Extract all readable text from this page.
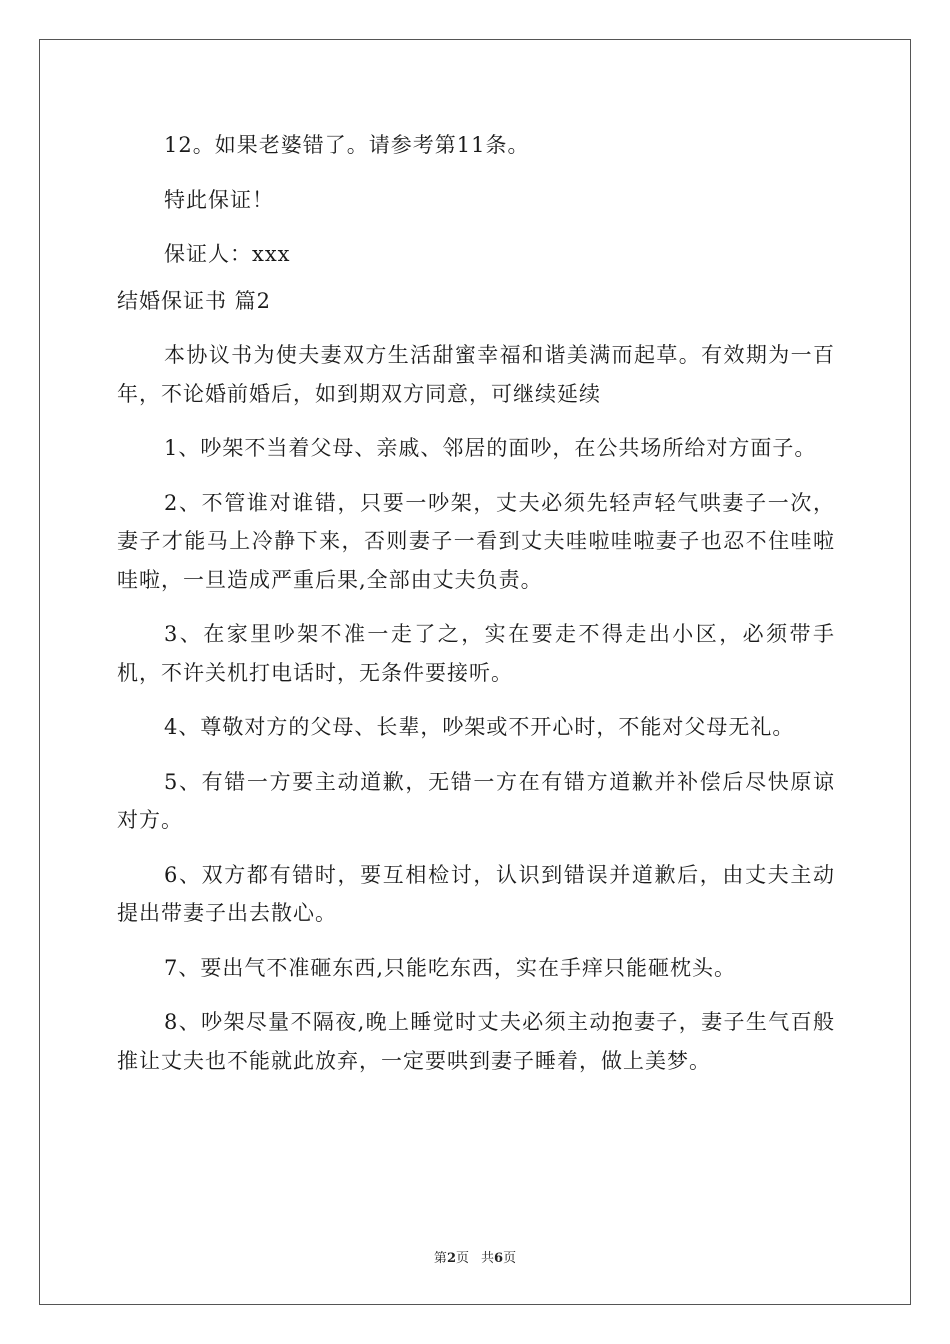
12。如果老婆错了。请参考第11条。

特此保证！

保证人：xxx

结婚保证书 篇2

本协议书为使夫妻双方生活甜蜜幸福和谐美满而起草。有效期为一百年，不论婚前婚后，如到期双方同意，可继续延续

1、吵架不当着父母、亲戚、邻居的面吵，在公共场所给对方面子。

2、不管谁对谁错，只要一吵架，丈夫必须先轻声轻气哄妻子一次，妻子才能马上冷静下来，否则妻子一看到丈夫哇啦哇啦妻子也忍不住哇啦哇啦，一旦造成严重后果,全部由丈夫负责。

3、在家里吵架不准一走了之，实在要走不得走出小区，必须带手机，不许关机打电话时，无条件要接听。

4、尊敬对方的父母、长辈，吵架或不开心时，不能对父母无礼。

5、有错一方要主动道歉，无错一方在有错方道歉并补偿后尽快原谅对方。

6、双方都有错时，要互相检讨，认识到错误并道歉后，由丈夫主动提出带妻子出去散心。

7、要出气不准砸东西,只能吃东西，实在手痒只能砸枕头。

8、吵架尽量不隔夜,晚上睡觉时丈夫必须主动抱妻子，妻子生气百般推让丈夫也不能就此放弃，一定要哄到妻子睡着，做上美梦。

第2页 共6页
